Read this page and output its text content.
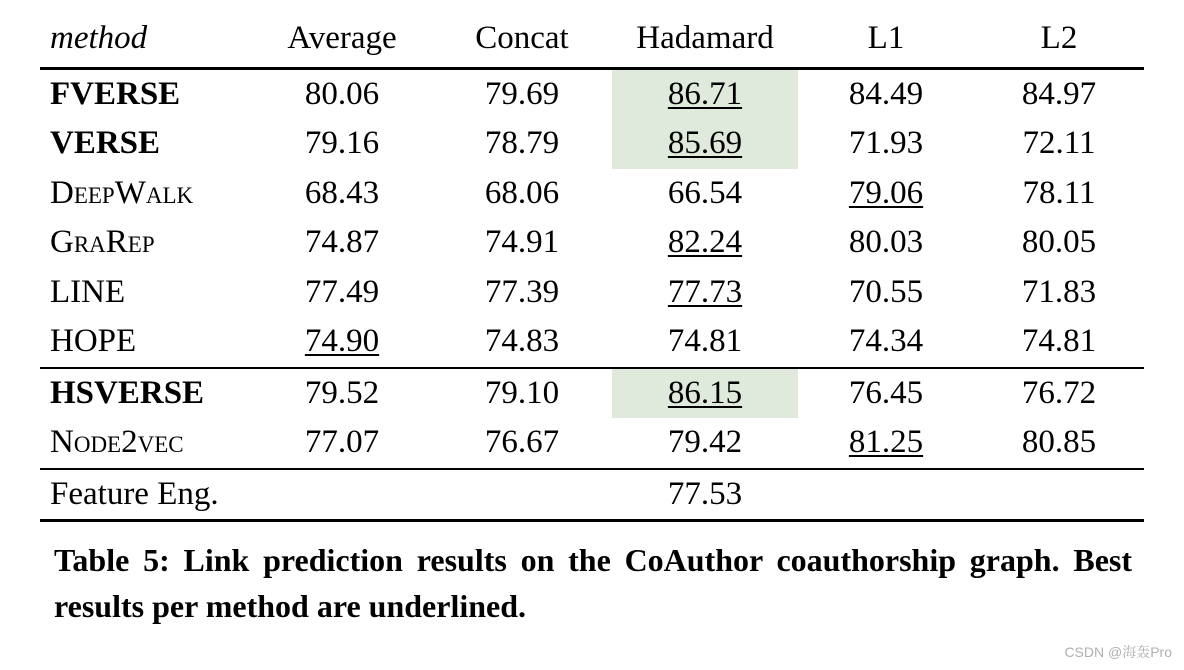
method	Average	Concat	Hadamard	L1	L2
FVERSE	80.06	79.69	86.71	84.49	84.97
VERSE	79.16	78.79	85.69	71.93	72.11
DeepWalk	68.43	68.06	66.54	79.06	78.11
GraRep	74.87	74.91	82.24	80.03	80.05
LINE	77.49	77.39	77.73	70.55	71.83
HOPE	74.90	74.83	74.81	74.34	74.81
HSVERSE	79.52	79.10	86.15	76.45	76.72
Node2vec	77.07	76.67	79.42	81.25	80.85
Feature Eng.			77.53		

Table 5: Link prediction results on the CoAuthor coauthorship graph. Best results per method are underlined.
CSDN @海轰Pro
